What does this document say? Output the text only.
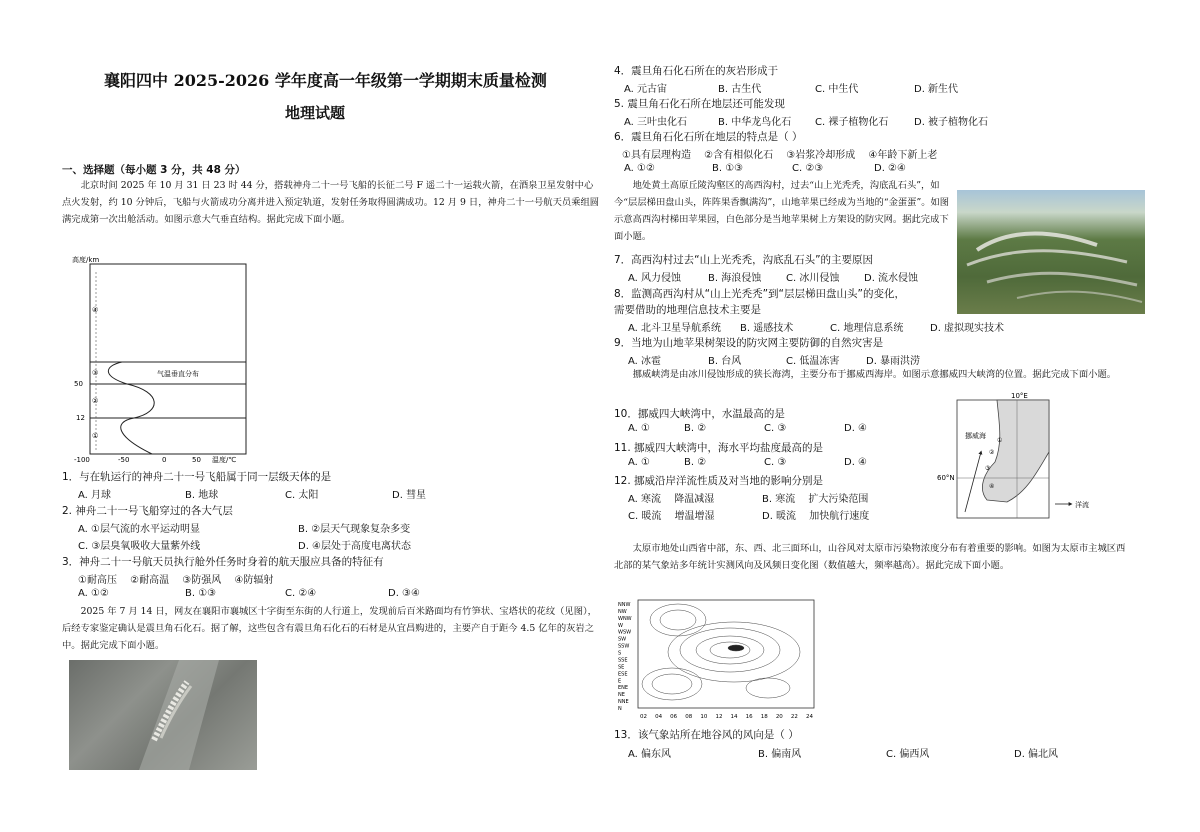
襄阳四中 2025-2026 学年度高一年级第一学期期末质量检测
地理试题
一、选择题（每小题 3 分，共 48 分）

北京时间 2025 年 10 月 31 日 23 时 44 分，搭载神舟二十一号飞船的长征二号 F 遥二十一运载火箭，在酒泉卫星发射中心点火发射，约 10 分钟后，飞船与火箭成功分离并进入预定轨道，发射任务取得圆满成功。12 月 9 日，神舟二十一号航天员乘组圆满完成第一次出舱活动。如图示意大气垂直结构。据此完成下面小题。

高度/km
气温垂直分布
④
③
②
①
50
12
-100	-50	0	50 温度/℃
1．与在轨运行的神舟二十一号飞船属于同一层级天体的是
A. 月球	B. 地球	C. 太阳	D. 彗星
2. 神舟二十一号飞船穿过的各大气层
A. ①层气流的水平运动明显	B. ②层天气现象复杂多变
C. ③层臭氧吸收大量紫外线	D. ④层处于高度电离状态
3．神舟二十一号航天员执行舱外任务时身着的航天服应具备的特征有
①耐高压　 ②耐高温　 ③防强风　 ④防辐射
A. ①②	B. ①③	C. ②④	D. ③④

2025 年 7 月 14 日，网友在襄阳市襄城区十字街至东街的人行道上，发现前后百米路面均有竹笋状、宝塔状的花纹（见图），后经专家鉴定确认是震旦角石化石。据了解，这些包含有震旦角石化石的石材是从宜昌购进的，主要产自于距今 4.5 亿年的灰岩之中。据此完成下面小题。

4．震旦角石化石所在的灰岩形成于
A. 元古宙	B. 古生代	C. 中生代	D. 新生代
5. 震旦角石化石所在地层还可能发现
A. 三叶虫化石	B. 中华龙鸟化石 C. 裸子植物化石	D. 被子植物化石
6．震旦角石化石所在地层的特点是（ ）
①具有层理构造　 ②含有相似化石　 ③岩浆冷却形成　 ④年龄下新上老
A. ①②	B. ①③	C. ②③	D. ②④

地处黄土高原丘陵沟壑区的高西沟村，过去“山上光秃秃，沟底乱石头”，如今“层层梯田盘山头，阵阵果香飘满沟”，山地苹果已经成为当地的“金蛋蛋”。如图示意高西沟村梯田苹果园，白色部分是当地苹果树上方架设的防灾网。据此完成下面小题。

7．高西沟村过去“山上光秃秃，沟底乱石头”的主要原因
A. 风力侵蚀	B. 海浪侵蚀 C. 冰川侵蚀 D. 流水侵蚀
8．监测高西沟村从“山上光秃秃”到“层层梯田盘山头”的变化，
需要借助的地理信息技术主要是
A. 北斗卫星导航系统 B. 遥感技术	C. 地理信息系统	D. 虚拟现实技术
9．当地为山地苹果树架设的防灾网主要防御的自然灾害是
A. 冰雹	B. 台风	C. 低温冻害	D. 暴雨洪涝

挪威峡湾是由冰川侵蚀形成的狭长海湾，主要分布于挪威西海岸。如图示意挪威四大峡湾的位置。据此完成下面小题。

10°E
60°N
挪威海
①
②
③
④
洋流
10．挪威四大峡湾中，水温最高的是
A. ①	B. ②	C. ③	D. ④
11. 挪威四大峡湾中，海水平均盐度最高的是
A. ①	B. ②	C. ③	D. ④
12. 挪威沿岸洋流性质及对当地的影响分别是
A. 寒流　 降温减湿	B. 寒流　 扩大污染范围
C. 暖流　 增温增湿	D. 暖流　 加快航行速度

太原市地处山西省中部，东、西、北三面环山，山谷风对太原市污染物浓度分布有着重要的影响。如图为太原市主城区西北部的某气象站多年统计实测风向及风频日变化图（数值越大，频率越高）。据此完成下面小题。

NNW
NW
WNW
W
WSW
SW
SSW
S
SSE
SE
ESE
E
ENE
NE
NNE
N
02 04 06 08 10 12 14 16 18 20 22 24
13．该气象站所在地谷风的风向是（ ）
A. 偏东风	B. 偏南风	C. 偏西风	D. 偏北风
